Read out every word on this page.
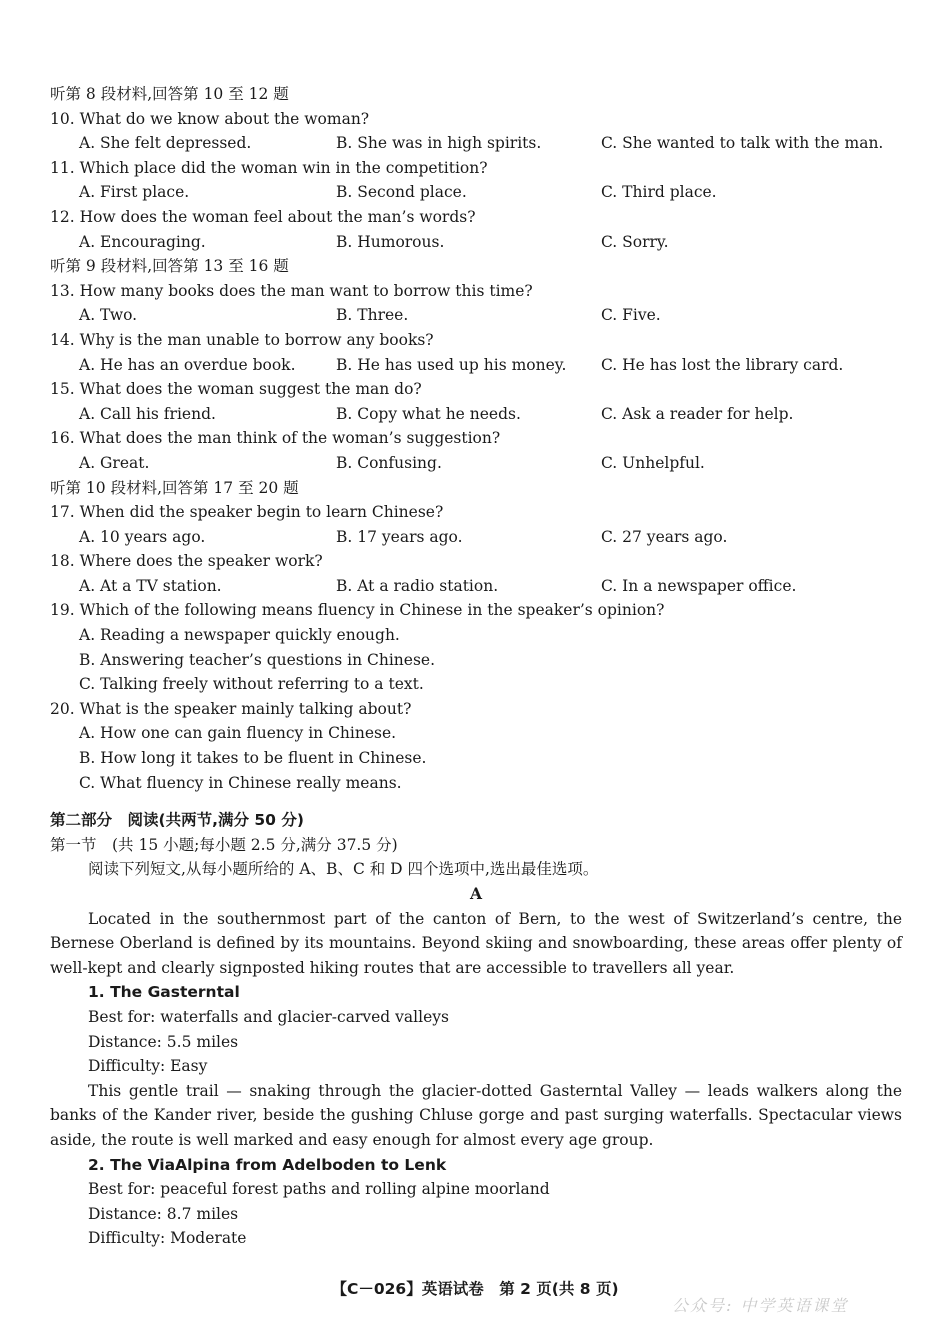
听第 8 段材料,回答第 10 至 12 题
10. What do we know about the woman?
A. She felt depressed.	B. She was in high spirits.	C. She wanted to talk with the man.
11. Which place did the woman win in the competition?
A. First place.	B. Second place.	C. Third place.
12. How does the woman feel about the man’s words?
A. Encouraging.	B. Humorous.	C. Sorry.
听第 9 段材料,回答第 13 至 16 题
13. How many books does the man want to borrow this time?
A. Two.	B. Three.	C. Five.
14. Why is the man unable to borrow any books?
A. He has an overdue book.	B. He has used up his money. C. He has lost the library card.
15. What does the woman suggest the man do?
A. Call his friend.	B. Copy what he needs.	C. Ask a reader for help.
16. What does the man think of the woman’s suggestion?
A. Great.	B. Confusing.	C. Unhelpful.
听第 10 段材料,回答第 17 至 20 题
17. When did the speaker begin to learn Chinese?
A. 10 years ago.	B. 17 years ago.	C. 27 years ago.
18. Where does the speaker work?
A. At a TV station.	B. At a radio station.	C. In a newspaper office.
19. Which of the following means fluency in Chinese in the speaker’s opinion?
A. Reading a newspaper quickly enough.
B. Answering teacher’s questions in Chinese.
C. Talking freely without referring to a text.
20. What is the speaker mainly talking about?
A. How one can gain fluency in Chinese.
B. How long it takes to be fluent in Chinese.
C. What fluency in Chinese really means.
第二部分　阅读(共两节,满分 50 分)
第一节　(共 15 小题;每小题 2.5 分,满分 37.5 分)
阅读下列短文,从每小题所给的 A、B、C 和 D 四个选项中,选出最佳选项。
A
Located in the southernmost part of the canton of Bern, to the west of Switzerland’s centre, the Bernese Oberland is defined by its mountains. Beyond skiing and snowboarding, these areas offer plenty of well-kept and clearly signposted hiking routes that are accessible to travellers all year.
1. The Gasterntal
Best for: waterfalls and glacier-carved valleys
Distance: 5.5 miles
Difficulty: Easy
This gentle trail — snaking through the glacier-dotted Gasterntal Valley — leads walkers along the banks of the Kander river, beside the gushing Chluse gorge and past surging waterfalls. Spectacular views aside, the route is well marked and easy enough for almost every age group.
2. The ViaAlpina from Adelboden to Lenk
Best for: peaceful forest paths and rolling alpine moorland
Distance: 8.7 miles
Difficulty: Moderate
【C－026】英语试卷　第 2 页(共 8 页)
公众号: 中学英语课堂
